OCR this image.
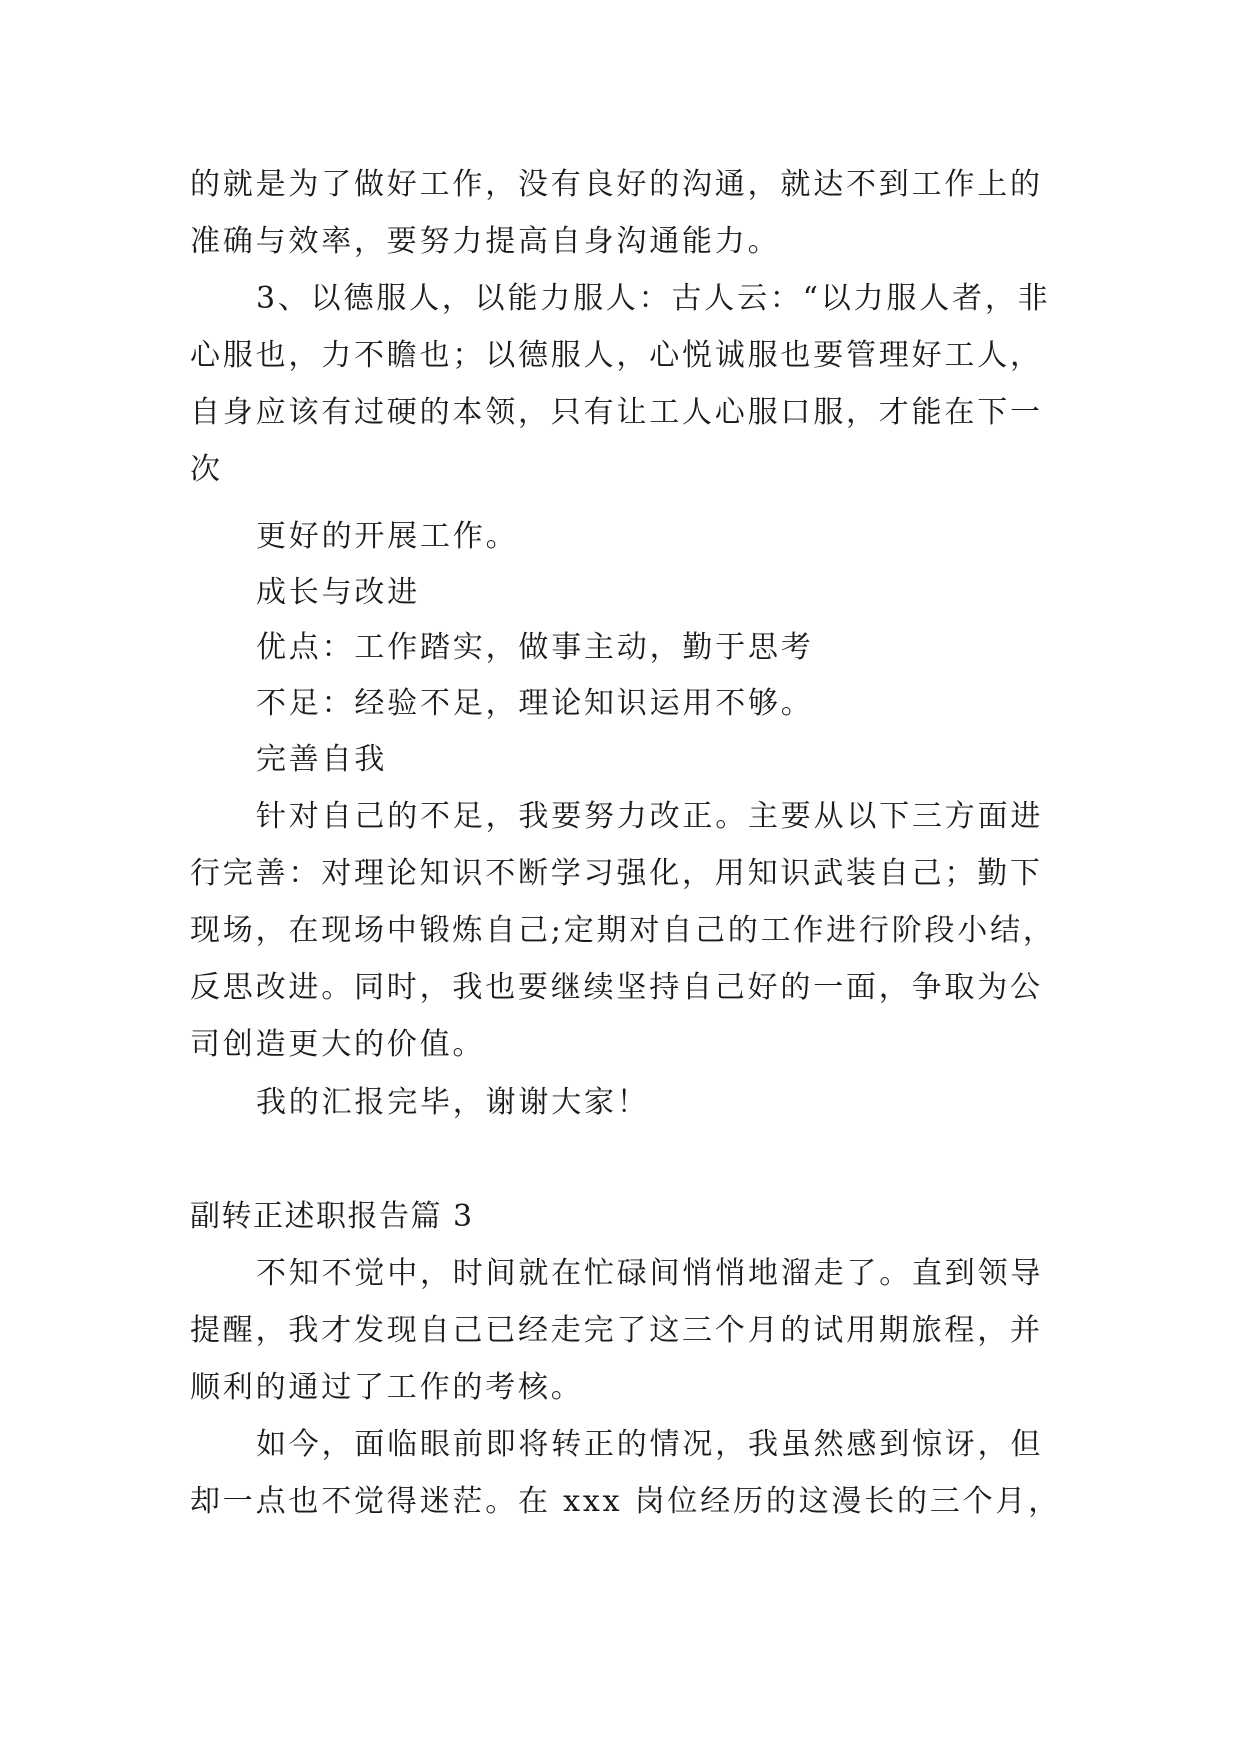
的就是为了做好工作，没有良好的沟通，就达不到工作上的
准确与效率，要努力提高自身沟通能力。
3、以德服人，以能力服人：古人云：“以力服人者，非
心服也，力不瞻也；以德服人，心悦诚服也要管理好工人，
自身应该有过硬的本领，只有让工人心服口服，才能在下一
次
更好的开展工作。
成长与改进
优点：工作踏实，做事主动，勤于思考
不足：经验不足，理论知识运用不够。
完善自我
针对自己的不足，我要努力改正。主要从以下三方面进
行完善：对理论知识不断学习强化，用知识武装自己；勤下
现场，在现场中锻炼自己;定期对自己的工作进行阶段小结，
反思改进。同时，我也要继续坚持自己好的一面，争取为公
司创造更大的价值。
我的汇报完毕，谢谢大家！
副转正述职报告篇 3
不知不觉中，时间就在忙碌间悄悄地溜走了。直到领导
提醒，我才发现自己已经走完了这三个月的试用期旅程，并
顺利的通过了工作的考核。
如今，面临眼前即将转正的情况，我虽然感到惊讶，但
却一点也不觉得迷茫。在 xxx 岗位经历的这漫长的三个月，
